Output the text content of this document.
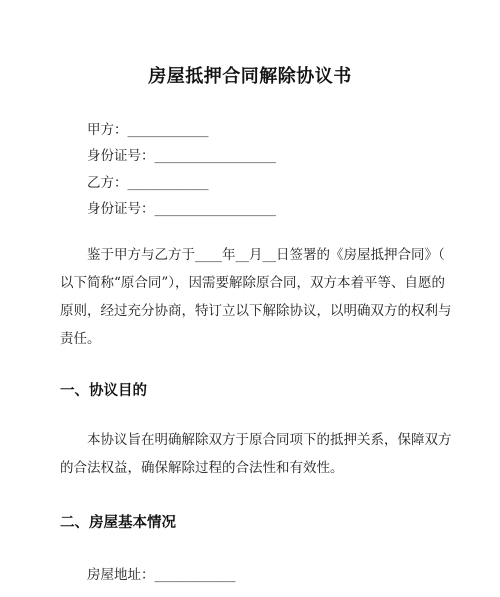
房屋抵押合同解除协议书
甲方：____________
身份证号：__________________
乙方：____________
身份证号：__________________
鉴于甲方与乙方于____年__月__日签署的《房屋抵押合同》（
以下简称“原合同”），因需要解除原合同，双方本着平等、自愿的
原则，经过充分协商，特订立以下解除协议，以明确双方的权利与
责任。
一、协议目的
本协议旨在明确解除双方于原合同项下的抵押关系，保障双方
的合法权益，确保解除过程的合法性和有效性。
二、房屋基本情况
房屋地址：____________
